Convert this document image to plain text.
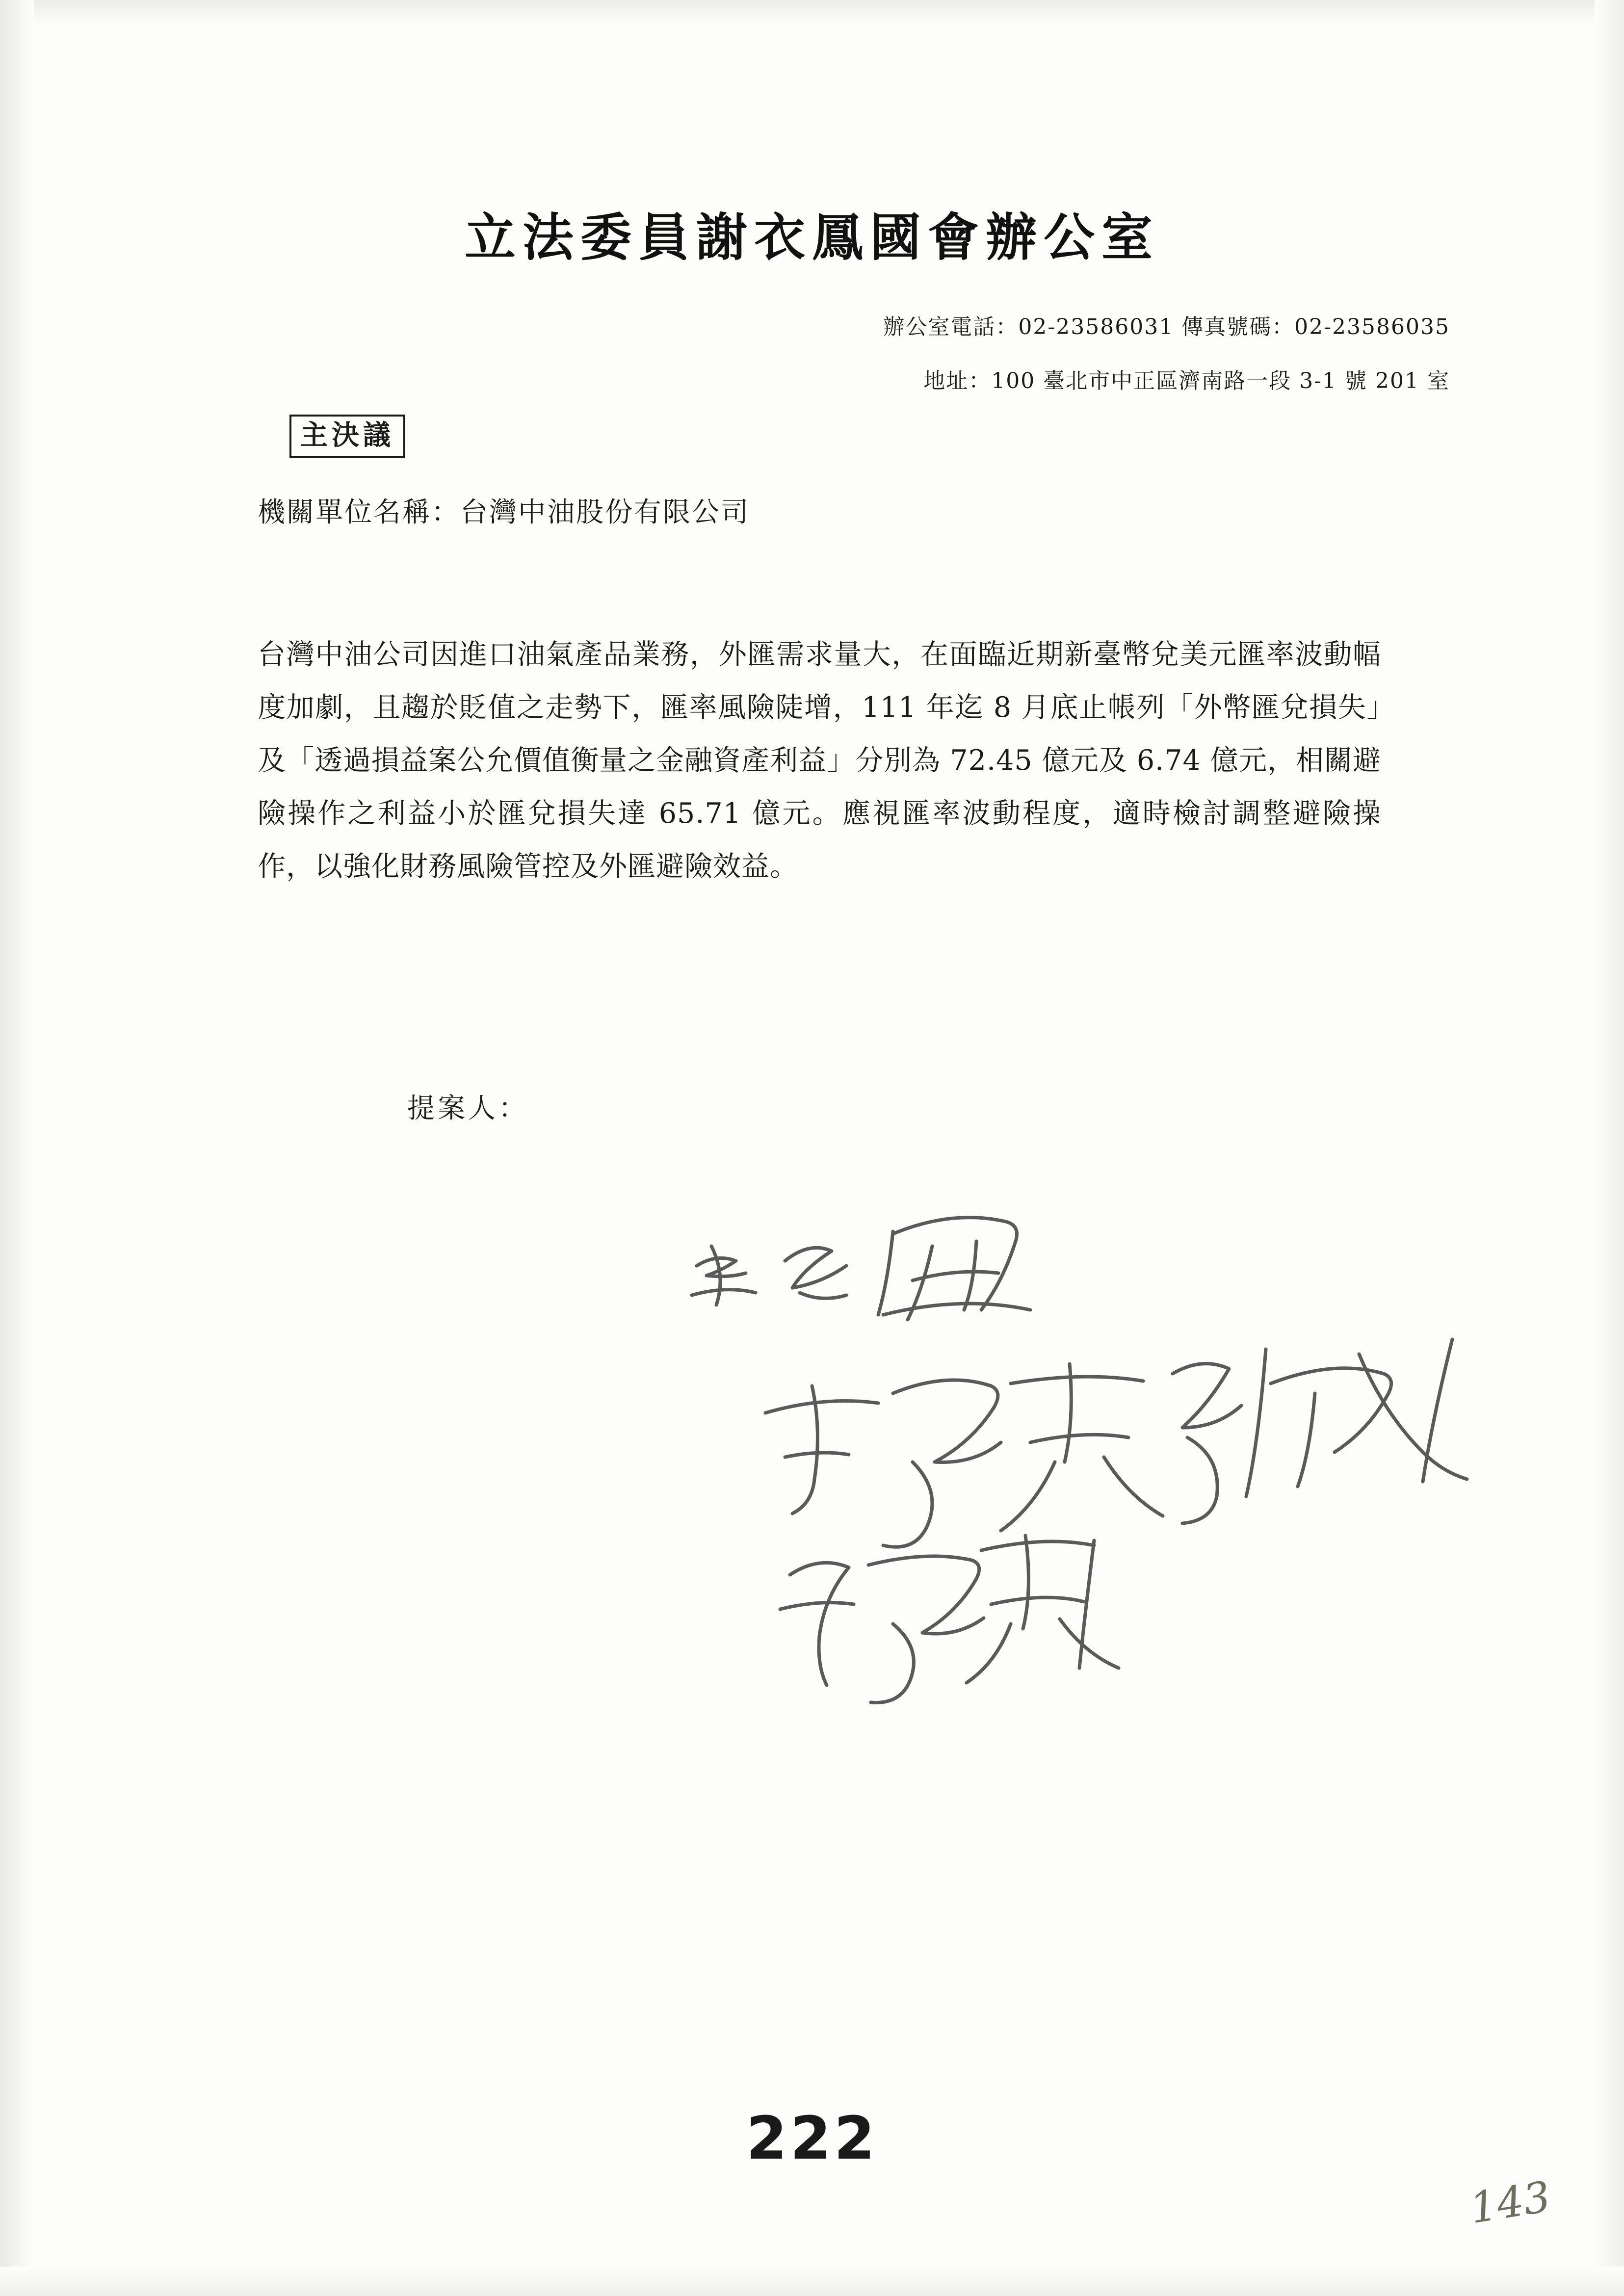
立法委員謝衣鳳國會辦公室
辦公室電話：02-23586031 傳真號碼：02-23586035
地址：100 臺北市中正區濟南路一段 3-1 號 201 室
主決議
機關單位名稱：台灣中油股份有限公司
台灣中油公司因進口油氣產品業務，外匯需求量大，在面臨近期新臺幣兌美元匯率波動幅度加劇，且趨於貶值之走勢下，匯率風險陡增，111 年迄 8 月底止帳列「外幣匯兌損失」及「透過損益案公允價值衡量之金融資產利益」分別為 72.45 億元及 6.74 億元，相關避險操作之利益小於匯兌損失達 65.71 億元。應視匯率波動程度，適時檢討調整避險操作，以強化財務風險管控及外匯避險效益。
提案人：
222
143
